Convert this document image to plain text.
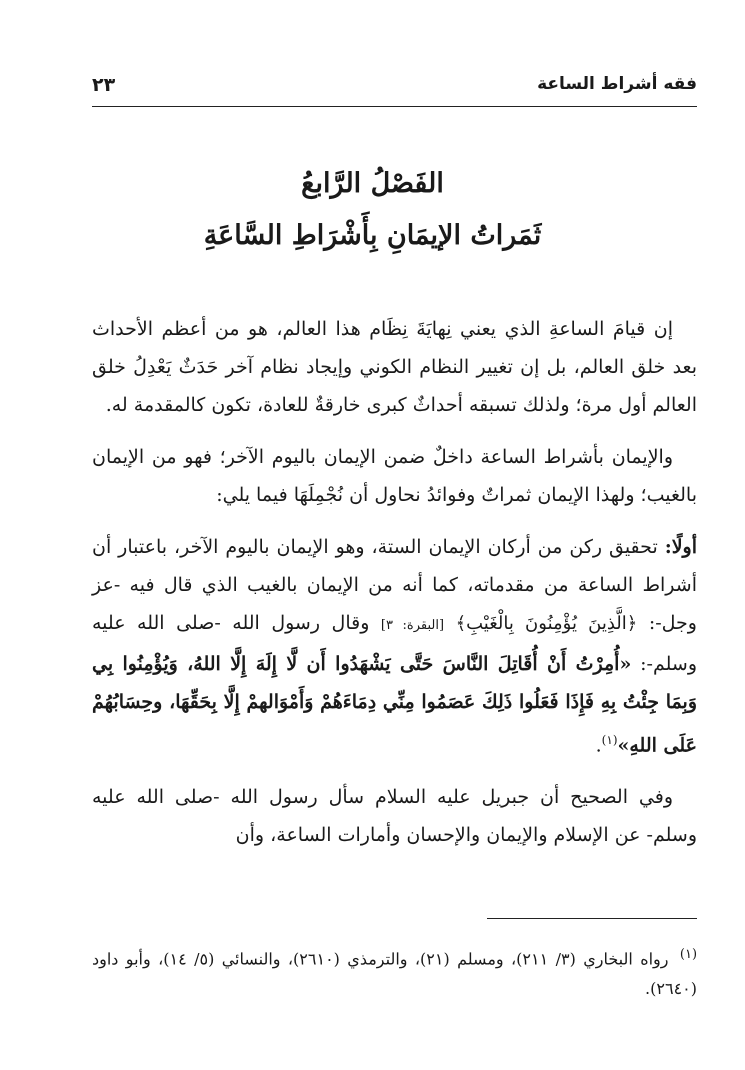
فقه أشراط الساعة
٢٣
الفَصْلُ الرَّابعُ
ثَمَراتُ الإيمَانِ بِأَشْرَاطِ السَّاعَةِ

إن قيامَ الساعةِ الذي يعني نِهايَةَ نِظَام هذا العالم، هو من أعظم الأحداث بعد خلق العالم، بل إن تغيير النظام الكوني وإيجاد نظام آخر حَدَثٌ يَعْدِلُ خلق العالم أول مرة؛ ولذلك تسبقه أحداثٌ كبرى خارقةٌ للعادة، تكون كالمقدمة له.

والإيمان بأشراط الساعة داخلٌ ضمن الإيمان باليوم الآخر؛ فهو من الإيمان بالغيب؛ ولهذا الإيمان ثمراتٌ وفوائدُ نحاول أن نُجْمِلَهَا فيما يلي:

أولًا: تحقيق ركن من أركان الإيمان الستة، وهو الإيمان باليوم الآخر، باعتبار أن أشراط الساعة من مقدماته، كما أنه من الإيمان بالغيب الذي قال فيه -عز وجل-: ﴿الَّذِينَ يُؤْمِنُونَ بِالْغَيْبِ﴾ [البقرة: ٣] وقال رسول الله -صلى الله عليه وسلم-: «أُمِرْتُ أَنْ أُقَاتِلَ النَّاسَ حَتَّى يَشْهَدُوا أَن لَّا إِلَهَ إِلَّا اللهُ، وَيُؤْمِنُوا بِي وَبِمَا جِئْتُ بِهِ فَإِذَا فَعَلُوا ذَلِكَ عَصَمُوا مِنِّي دِمَاءَهُمْ وَأَمْوَالهمْ إِلَّا بِحَقِّهَا، وحِسَابُهُمْ عَلَى اللهِ»$^{(١)}$.

وفي الصحيح أن جبريل عليه السلام سأل رسول الله -صلى الله عليه وسلم- عن الإسلام والإيمان والإحسان وأمارات الساعة، وأن

$^{(١)}$ رواه البخاري (٣/ ٢١١)، ومسلم (٢١)، والترمذي (٢٦١٠)، والنسائي (٥/ ١٤)، وأبو داود (٢٦٤٠).
